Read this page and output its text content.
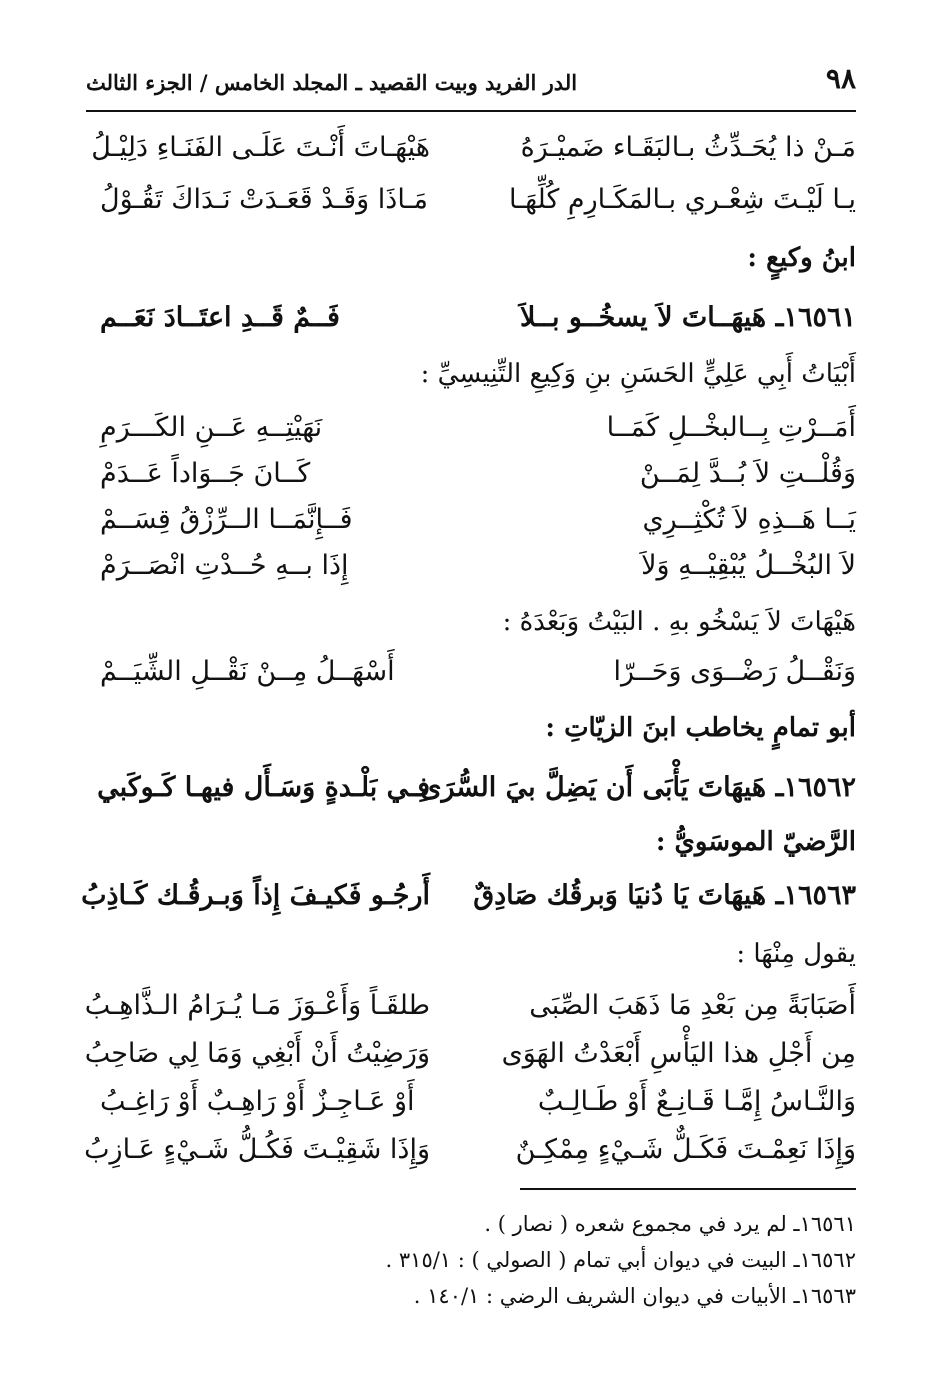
٩٨
الدر الفريد وبيت القصيد ـ المجلد الخامس / الجزء الثالث
مَـنْ ذا يُحَـدِّثُ بـالبَقَـاء ضَميْـرَهُ
هَيْهَـاتَ أَنْـتَ عَلَـى الفَنَـاءِ دَلِيْـلُ
يـا لَيْـتَ شِعْـري بـالمَكَـارِمِ كُلِّهَـا
مَـاذَا وَقَـدْ قَعَـدَتْ نَـدَاكَ تَقُـوْلُ
ابنُ وكيعٍ :
١٦٥٦١ـ هَيهَــاتَ لاَ يسخُــو بــلاَ
فَــمٌ قَــدِ اعتَــادَ نَعَــم
أَبْيَاتُ أَبِي عَلِيٍّ الحَسَنِ بنِ وَكِيعِ التِّنِيسِيِّ :
أَمَــرْتِ بِــالبخْــلِ كَمَــا
نَهَيْتِــهِ عَــنِ الكَـــرَمِ
وَقُلْــتِ لاَ بُــدَّ لِمَــنْ
كَــانَ جَــوَاداً عَــدَمْ
يَــا هَــذِهِ لاَ تُكْثِــرِي
فَــإِنَّمَــا الــرِّزْقُ قِسَــمْ
لاَ البُخْــلُ يُبْقِيْــهِ وَلاَ
إِذَا بــهِ حُــدْتِ انْصَــرَمْ
هَيْهَاتَ لاَ يَسْخُو بهِ . البَيْتُ وَبَعْدَهُ :
وَنَقْــلُ رَضْــوَى وَحَــرّا
أَسْهَــلُ مِــنْ نَقْــلِ الشِّيَــمْ
أبو تمامٍ يخاطب ابنَ الزيّاتِ :
١٦٥٦٢ـ هَيهَاتَ يَأْبَى أَن يَضِلَّ بيَ السُّرَى
فِـي بَلْـدةٍ وَسَـأَل فيهـا كَـوكَبي
الرَّضيّ الموسَويُّ :
١٦٥٦٣ـ هَيهَاتَ يَا دُنيَا وَبرقُك صَادِقٌ
أَرجُـو فَكيـفَ إِذاً وَبـرقُـك كَـاذِبُ
يقول مِنْهَا :
أَصَبَابَةً مِن بَعْدِ مَا ذَهَبَ الصِّبَى
طلقَـاً وَأَعْـوَزَ مَـا يُـرَامُ الـذَّاهِـبُ
مِن أَجْلِ هذا اليَأْسِ أَبْعَدْتُ الهَوَى
وَرَضِيْتُ أَنْ أَبْغِي وَمَا لِي صَاحِبُ
وَالنَّـاسُ إِمَّـا قَـانِـعٌ أَوْ طَـالِـبٌ
أَوْ عَـاجِـزٌ أَوْ رَاهِـبٌ أَوْ رَاغِـبُ
وَإِذَا نَعِمْـتَ فَكَـلٌّ شَـيْءٍ مِمْكِـنٌ
وَإِذَا شَقِيْـتَ فَكُـلُّ شَـيْءٍ عَـازِبُ
١٦٥٦١ـ لم يرد في مجموع شعره ( نصار ) .
١٦٥٦٢ـ البيت في ديوان أبي تمام ( الصولي ) : ٣١٥/١ .
١٦٥٦٣ـ الأبيات في ديوان الشريف الرضي : ١٤٠/١ .
